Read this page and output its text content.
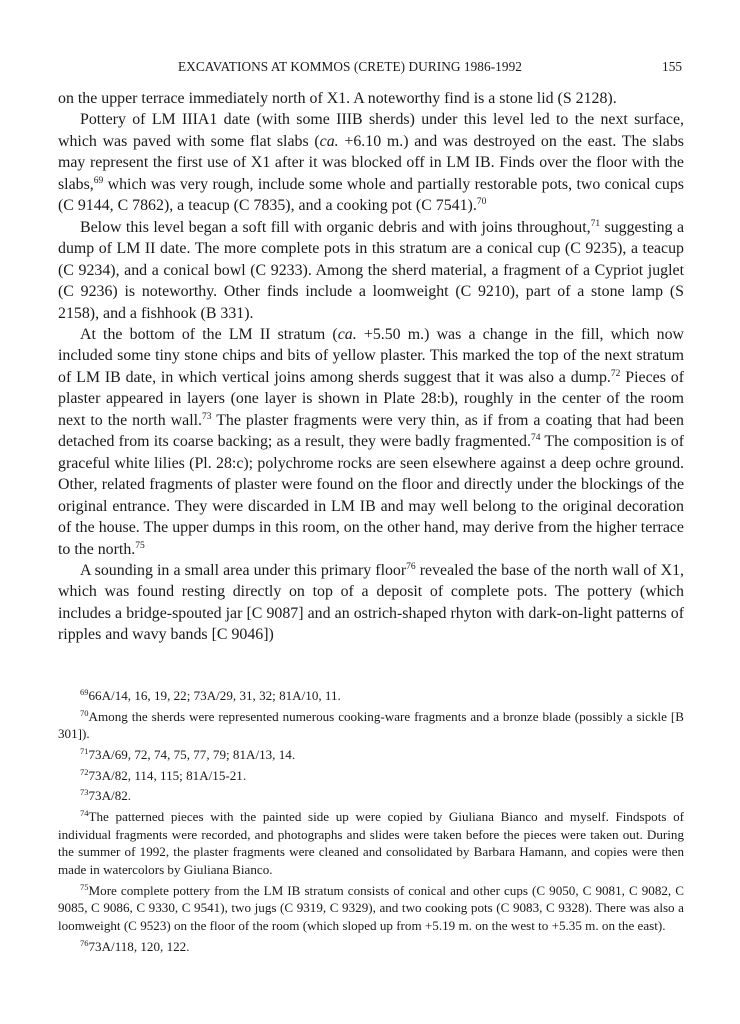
EXCAVATIONS AT KOMMOS (CRETE) DURING 1986-1992	155

on the upper terrace immediately north of X1. A noteworthy find is a stone lid (S 2128).

Pottery of LM IIIA1 date (with some IIIB sherds) under this level led to the next surface, which was paved with some flat slabs (ca. +6.10 m.) and was destroyed on the east. The slabs may represent the first use of X1 after it was blocked off in LM IB. Finds over the floor with the slabs,$^{69}$ which was very rough, include some whole and partially restorable pots, two conical cups (C 9144, C 7862), a teacup (C 7835), and a cooking pot (C 7541).$^{70}$

Below this level began a soft fill with organic debris and with joins throughout,$^{71}$ suggesting a dump of LM II date. The more complete pots in this stratum are a conical cup (C 9235), a teacup (C 9234), and a conical bowl (C 9233). Among the sherd material, a fragment of a Cypriot juglet (C 9236) is noteworthy. Other finds include a loomweight (C 9210), part of a stone lamp (S 2158), and a fishhook (B 331).

At the bottom of the LM II stratum (ca. +5.50 m.) was a change in the fill, which now included some tiny stone chips and bits of yellow plaster. This marked the top of the next stratum of LM IB date, in which vertical joins among sherds suggest that it was also a dump.$^{72}$ Pieces of plaster appeared in layers (one layer is shown in Plate 28:b), roughly in the center of the room next to the north wall.$^{73}$ The plaster fragments were very thin, as if from a coating that had been detached from its coarse backing; as a result, they were badly fragmented.$^{74}$ The composition is of graceful white lilies (Pl. 28:c); polychrome rocks are seen elsewhere against a deep ochre ground. Other, related fragments of plaster were found on the floor and directly under the blockings of the original entrance. They were discarded in LM IB and may well belong to the original decoration of the house. The upper dumps in this room, on the other hand, may derive from the higher terrace to the north.$^{75}$

A sounding in a small area under this primary floor$^{76}$ revealed the base of the north wall of X1, which was found resting directly on top of a deposit of complete pots. The pottery (which includes a bridge-spouted jar [C 9087] and an ostrich-shaped rhyton with dark-on-light patterns of ripples and wavy bands [C 9046])

$^{69}$66A/14, 16, 19, 22; 73A/29, 31, 32; 81A/10, 11.

$^{70}$Among the sherds were represented numerous cooking-ware fragments and a bronze blade (possibly a sickle [B 301]).

$^{71}$73A/69, 72, 74, 75, 77, 79; 81A/13, 14.

$^{72}$73A/82, 114, 115; 81A/15-21.

$^{73}$73A/82.

$^{74}$The patterned pieces with the painted side up were copied by Giuliana Bianco and myself. Findspots of individual fragments were recorded, and photographs and slides were taken before the pieces were taken out. During the summer of 1992, the plaster fragments were cleaned and consolidated by Barbara Hamann, and copies were then made in watercolors by Giuliana Bianco.

$^{75}$More complete pottery from the LM IB stratum consists of conical and other cups (C 9050, C 9081, C 9082, C 9085, C 9086, C 9330, C 9541), two jugs (C 9319, C 9329), and two cooking pots (C 9083, C 9328). There was also a loomweight (C 9523) on the floor of the room (which sloped up from +5.19 m. on the west to +5.35 m. on the east).

$^{76}$73A/118, 120, 122.
